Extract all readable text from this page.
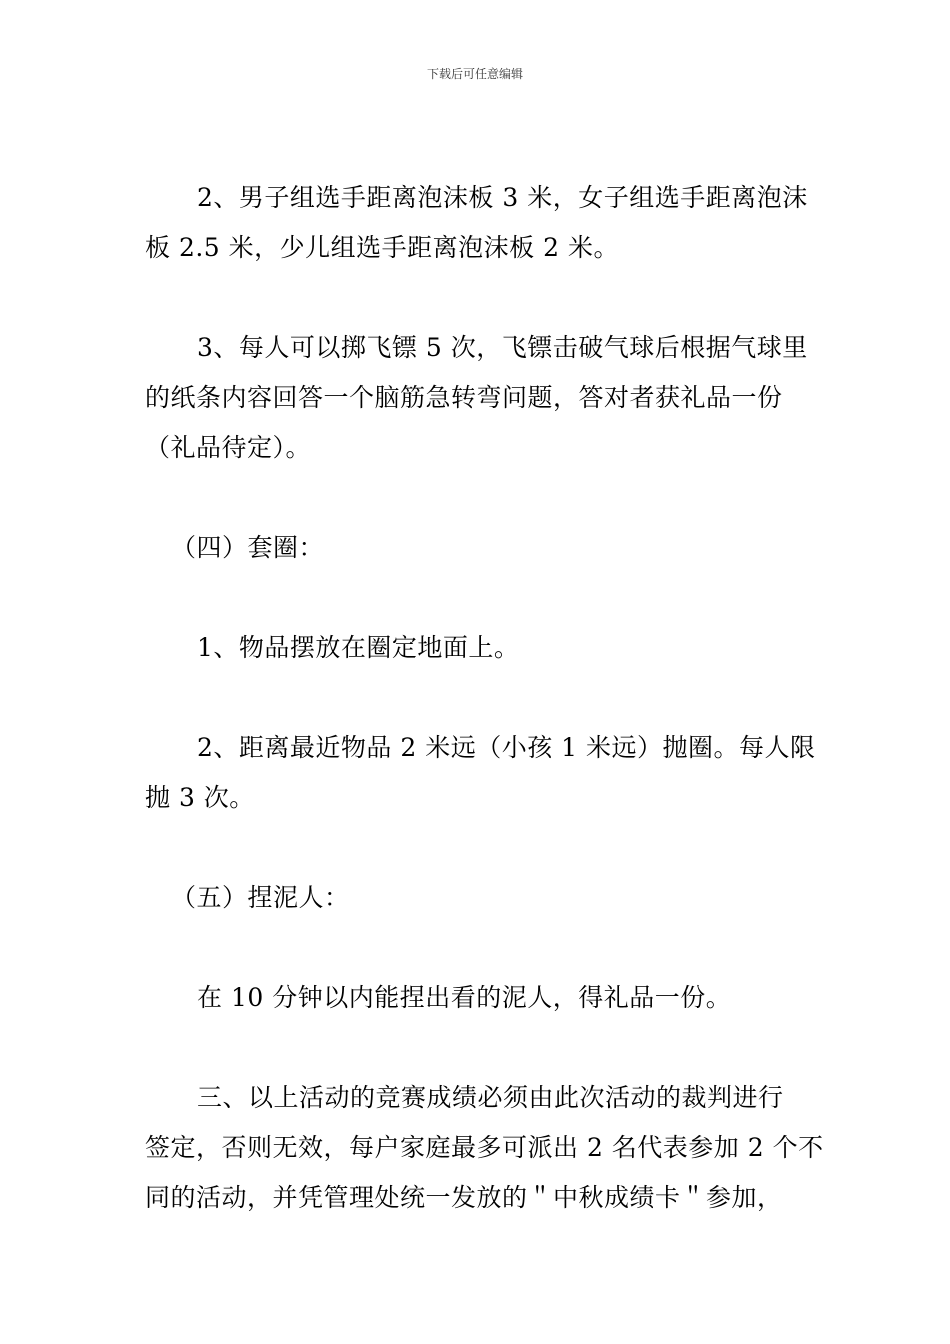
下载后可任意编辑
2、男子组选手距离泡沫板 3 米，女子组选手距离泡沫
板 2.5 米，少儿组选手距离泡沫板 2 米。
3、每人可以掷飞镖 5 次，飞镖击破气球后根据气球里
的纸条内容回答一个脑筋急转弯问题，答对者获礼品一份
（礼品待定）。
（四）套圈：
1、物品摆放在圈定地面上。
2、距离最近物品 2 米远（小孩 1 米远）抛圈。每人限
抛 3 次。
（五）捏泥人：
在 10 分钟以内能捏出看的泥人，得礼品一份。
三、以上活动的竞赛成绩必须由此次活动的裁判进行
签定，否则无效，每户家庭最多可派出 2 名代表参加 2 个不
同的活动，并凭管理处统一发放的＂中秋成绩卡＂参加，
